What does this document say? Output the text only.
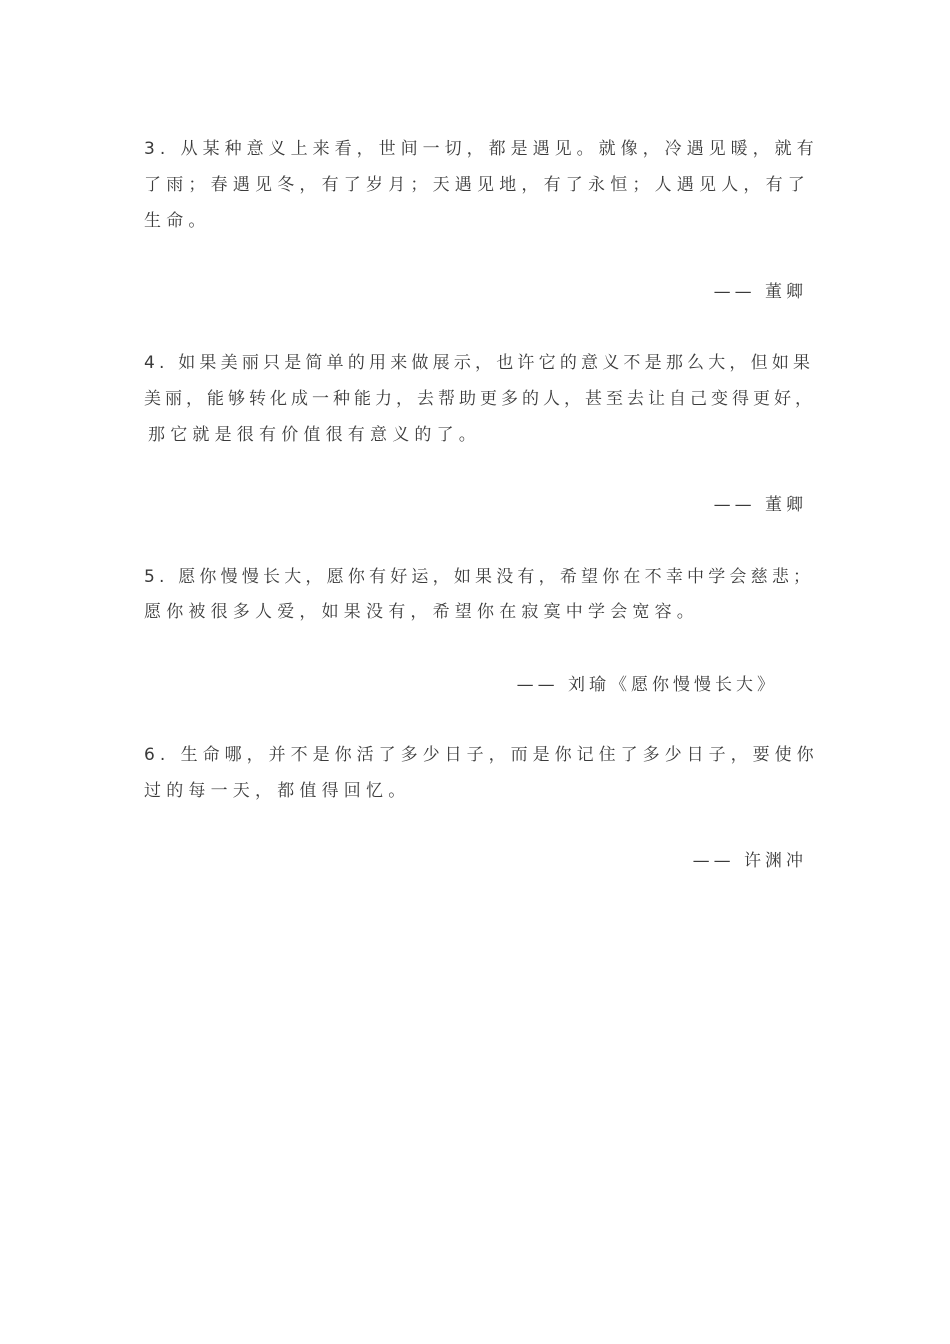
3. 从某种意义上来看，世间一切，都是遇见。就像，冷遇见暖，就有
了雨；春遇见冬，有了岁月；天遇见地，有了永恒；人遇见人，有了
生命。
—— 董卿
4. 如果美丽只是简单的用来做展示，也许它的意义不是那么大，但如果
美丽，能够转化成一种能力，去帮助更多的人，甚至去让自己变得更好，
那它就是很有价值很有意义的了。
—— 董卿
5. 愿你慢慢长大，愿你有好运，如果没有，希望你在不幸中学会慈悲；
愿你被很多人爱，如果没有，希望你在寂寞中学会宽容。
—— 刘瑜《愿你慢慢长大》
6. 生命哪，并不是你活了多少日子，而是你记住了多少日子，要使你
过的每一天，都值得回忆。
—— 许渊冲
